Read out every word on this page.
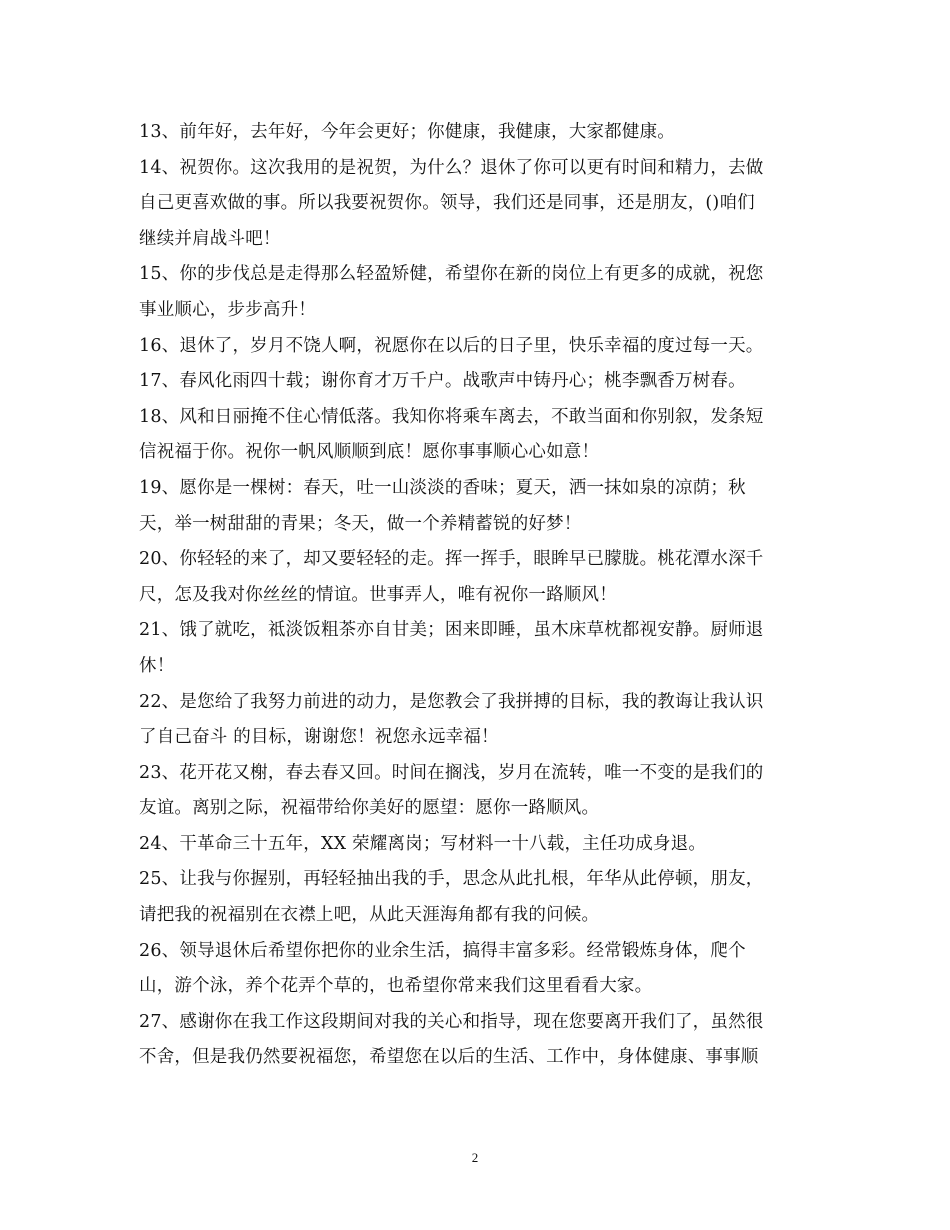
13、前年好，去年好，今年会更好；你健康，我健康，大家都健康。
14、祝贺你。这次我用的是祝贺，为什么？退休了你可以更有时间和精力，去做
自己更喜欢做的事。所以我要祝贺你。领导，我们还是同事，还是朋友，()咱们
继续并肩战斗吧！
15、你的步伐总是走得那么轻盈矫健，希望你在新的岗位上有更多的成就，祝您
事业顺心，步步高升！
16、退休了，岁月不饶人啊，祝愿你在以后的日子里，快乐幸福的度过每一天。
17、春风化雨四十载；谢你育才万千户。战歌声中铸丹心；桃李飘香万树春。
18、风和日丽掩不住心情低落。我知你将乘车离去，不敢当面和你别叙，发条短
信祝福于你。祝你一帆风顺顺到底！愿你事事顺心心如意！
19、愿你是一棵树：春天，吐一山淡淡的香味；夏天，洒一抹如泉的凉荫；秋
天，举一树甜甜的青果；冬天，做一个养精蓄锐的好梦！
20、你轻轻的来了，却又要轻轻的走。挥一挥手，眼眸早已朦胧。桃花潭水深千
尺，怎及我对你丝丝的情谊。世事弄人，唯有祝你一路顺风！
21、饿了就吃，祗淡饭粗茶亦自甘美；困来即睡，虽木床草枕都视安静。厨师退
休！
22、是您给了我努力前进的动力，是您教会了我拼搏的目标，我的教诲让我认识
了自己奋斗 的目标，谢谢您！祝您永远幸福！
23、花开花又榭，春去春又回。时间在搁浅，岁月在流转，唯一不变的是我们的
友谊。离别之际，祝福带给你美好的愿望：愿你一路顺风。
24、干革命三十五年，XX 荣耀离岗；写材料一十八载，主任功成身退。
25、让我与你握别，再轻轻抽出我的手，思念从此扎根，年华从此停顿，朋友，
请把我的祝福别在衣襟上吧，从此天涯海角都有我的问候。
26、领导退休后希望你把你的业余生活，搞得丰富多彩。经常锻炼身体，爬个
山，游个泳，养个花弄个草的，也希望你常来我们这里看看大家。
27、感谢你在我工作这段期间对我的关心和指导，现在您要离开我们了，虽然很
不舍，但是我仍然要祝福您，希望您在以后的生活、工作中，身体健康、事事顺
2
